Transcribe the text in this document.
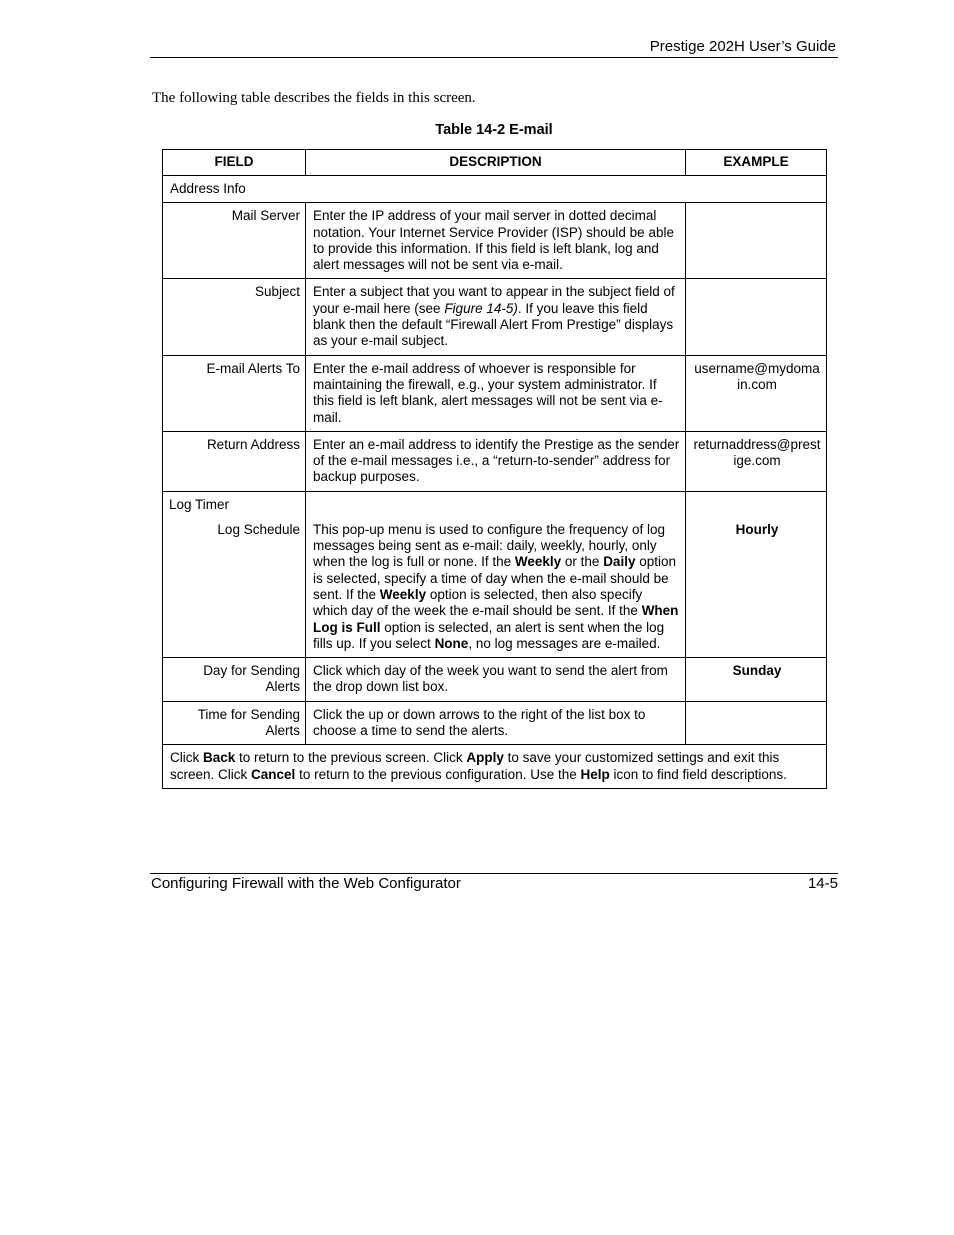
Prestige 202H User’s Guide
The following table describes the fields in this screen.
Table 14-2 E-mail
FIELD	DESCRIPTION	EXAMPLE
Address Info		
Mail Server	Enter the IP address of your mail server in dotted decimal notation. Your Internet Service Provider (ISP) should be able to provide this information. If this field is left blank, log and alert messages will not be sent via e-mail.	
Subject	Enter a subject that you want to appear in the subject field of your e-mail here (see Figure 14-5). If you leave this field blank then the default “Firewall Alert From Prestige” displays as your e-mail subject.	
E-mail Alerts To	Enter the e-mail address of whoever is responsible for maintaining the firewall, e.g., your system administrator. If this field is left blank, alert messages will not be sent via e-mail.	username@mydomain.com
Return Address	Enter an e-mail address to identify the Prestige as the sender of the e-mail messages i.e., a “return-to-sender” address for backup purposes.	returnaddress@prestige.com

Log Timer
Log Schedule	This pop-up menu is used to configure the frequency of log messages being sent as e-mail: daily, weekly, hourly, only when the log is full or none. If the Weekly or the Daily option is selected, specify a time of day when the e-mail should be sent. If the Weekly option is selected, then also specify which day of the week the e-mail should be sent. If the When Log is Full option is selected, an alert is sent when the log fills up. If you select None, no log messages are e-mailed.	Hourly
Day for Sending Alerts	Click which day of the week you want to send the alert from the drop down list box.	Sunday
Time for Sending Alerts	Click the up or down arrows to the right of the list box to choose a time to send the alerts.	
Click Back to return to the previous screen. Click Apply to save your customized settings and exit this screen. Click Cancel to return to the previous configuration. Use the Help icon to find field descriptions.		
Configuring Firewall with the Web Configurator	14-5
